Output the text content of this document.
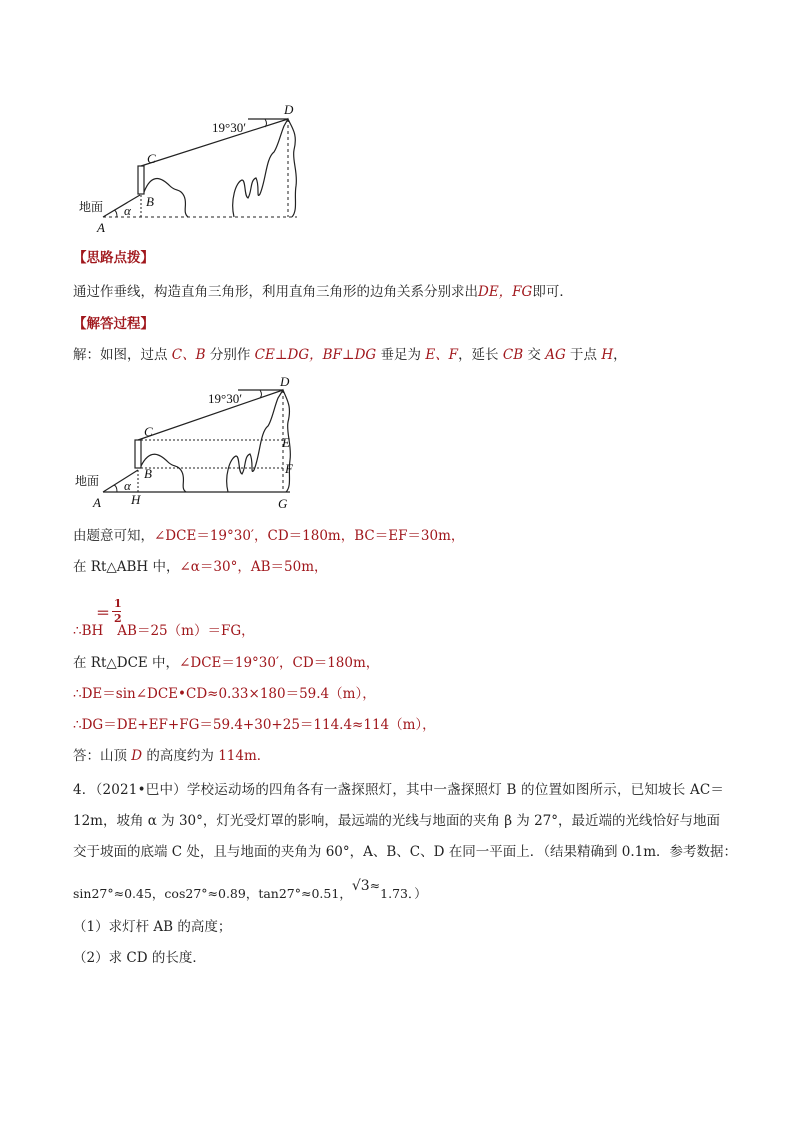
D
19°30′
C
B
地面 α
A
【思路点拨】
通过作垂线，构造直角三角形，利用直角三角形的边角关系分别求出DE，FG即可．
【解答过程】
解：如图，过点 C、B 分别作 CE⊥DG，BF⊥DG 垂足为 E、F，延长 CB 交 AG 于点 H，
D
19°30′
C
E
B	F
地面 α
A H	G
由题意可知，∠DCE＝19°30′，CD＝180m，BC＝EF＝30m，
在 Rt△ABH 中，∠α＝30°，AB＝50m，
＝
1
2
∴BH AB＝25（m）＝FG，
在 Rt△DCE 中，∠DCE＝19°30′，CD＝180m，
∴DE＝sin∠DCE•CD≈0.33×180＝59.4（m），
∴DG＝DE+EF+FG＝59.4+30+25＝114.4≈114（m），
答：山顶 D 的高度约为 114m．
4．（2021•巴中）学校运动场的四角各有一盏探照灯，其中一盏探照灯 B 的位置如图所示，已知坡长 AC＝
12m，坡角 α 为 30°，灯光受灯罩的影响，最远端的光线与地面的夹角 β 为 27°，最近端的光线恰好与地面
交于坡面的底端 C 处，且与地面的夹角为 60°，A、B、C、D 在同一平面上．（结果精确到 0.1m．参考数据：
sin27°≈0.45，cos27°≈0.89，tan27°≈0.51，√3≈1.73．）
（1）求灯杆 AB 的高度；
（2）求 CD 的长度．
